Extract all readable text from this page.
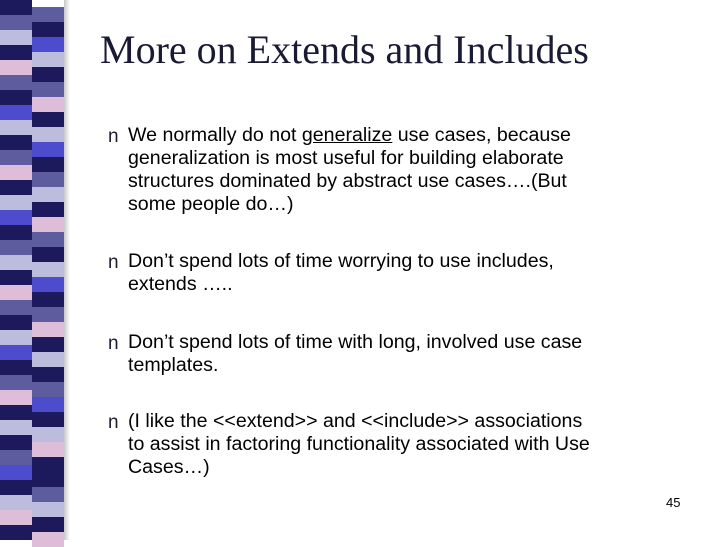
More on Extends and Includes
n We normally do not generalize use cases, because
generalization is most useful for building elaborate
structures dominated by abstract use cases….(But
some people do…)
n Don’t spend lots of time worrying to use includes,
extends …..
n Don’t spend lots of time with long, involved use case
templates.
n (I like the <<extend>> and <<include>> associations
to assist in factoring functionality associated with Use
Cases…)
45
